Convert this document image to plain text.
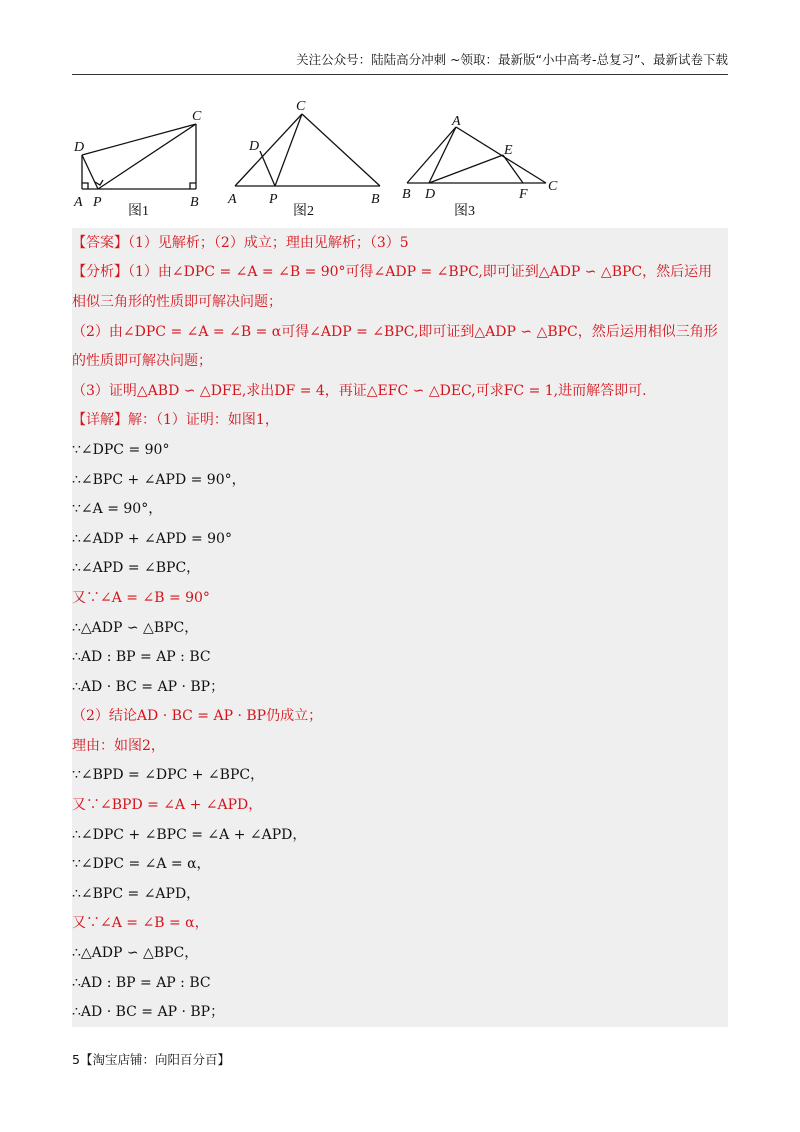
关注公众号：陆陆高分冲刺 ~领取：最新版“小中高考-总复习”、最新试卷下载
D
A P	B
C
图1
D
A P	B
C
图2
A
B D
E
F
C
图3
【答案】（1）见解析；（2）成立；理由见解析；（3）5
【分析】（1）由∠DPC = ∠A = ∠B = 90°可得∠ADP = ∠BPC,即可证到△ADP ∽ △BPC，然后运用
相似三角形的性质即可解决问题；
（2）由∠DPC = ∠A = ∠B = α可得∠ADP = ∠BPC,即可证到△ADP ∽ △BPC，然后运用相似三角形
的性质即可解决问题；
（3）证明△ABD ∽ △DFE,求出DF = 4，再证△EFC ∽ △DEC,可求FC = 1,进而解答即可.
【详解】解：（1）证明：如图1，
∵∠DPC = 90°
∴∠BPC + ∠APD = 90°，
∵∠A = 90°，
∴∠ADP + ∠APD = 90°
∴∠APD = ∠BPC，
又∵∠A = ∠B = 90°
∴△ADP ∽ △BPC，
∴AD : BP = AP : BC
∴AD · BC = AP · BP；
（2）结论AD · BC = AP · BP仍成立；
理由：如图2，
∵∠BPD = ∠DPC + ∠BPC，
又∵∠BPD = ∠A + ∠APD，
∴∠DPC + ∠BPC = ∠A + ∠APD，
∵∠DPC = ∠A = α，
∴∠BPC = ∠APD，
又∵∠A = ∠B = α，
∴△ADP ∽ △BPC，
∴AD : BP = AP : BC
∴AD · BC = AP · BP；
5【淘宝店铺：向阳百分百】
